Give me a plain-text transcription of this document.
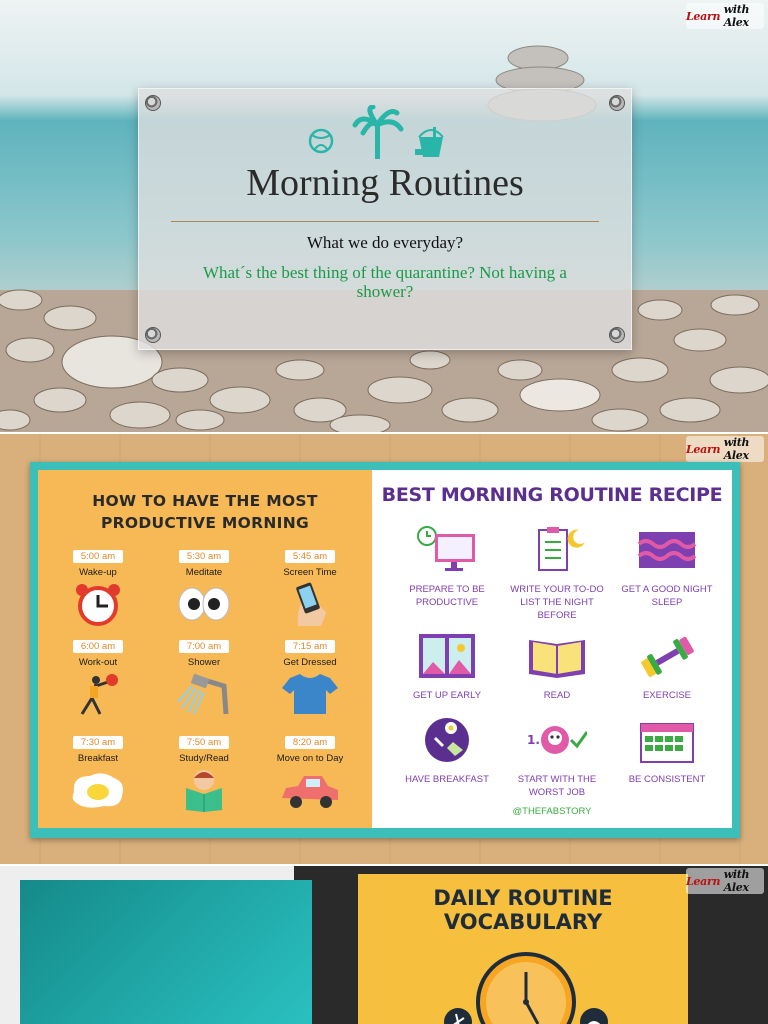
Learn
with Alex
Morning Routines
What we do everyday?
What´s the best thing of the quarantine? Not having a shower?
Learn
with Alex
HOW TO HAVE THE MOST
PRODUCTIVE MORNING
5:00 am
Wake-up
5:30 am
Meditate
5:45 am
Screen Time
6:00 am
Work-out
7:00 am
Shower
7:15 am
Get Dressed
7:30 am
Breakfast
7:50 am
Study/Read
8:20 am
Move on to Day
BEST MORNING ROUTINE RECIPE
PREPARE TO BE PRODUCTIVE
WRITE YOUR TO-DO LIST THE NIGHT BEFORE
GET A GOOD NIGHT SLEEP
GET UP EARLY	READ	EXERCISE
HAVE BREAKFAST
1.
START WITH THE WORST JOB
BE CONSISTENT
@THEFABSTORY
DAILY ROUTINE
VOCABULARY
Learn
with Alex
